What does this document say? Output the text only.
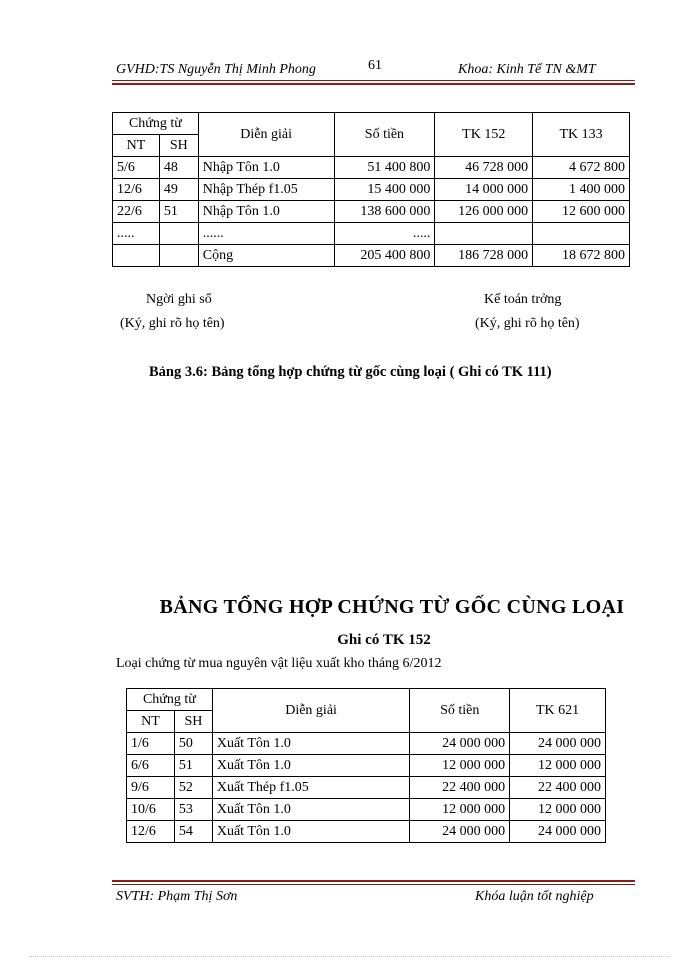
GVHD:TS Nguyễn Thị Minh Phong	61	Khoa: Kinh Tế TN &MT
Chứng từ		Diễn giải	Số tiền	TK 152	TK 133
NT	SH				
5/6	48	Nhập Tôn 1.0	51 400 800	46 728 000	4 672 800
12/6	49	Nhập Thép f1.05	15 400 000	14 000 000	1 400 000
22/6	51	Nhập Tôn 1.0	138 600 000	126 000 000	12 600 000
.....		......	.....		
		Cộng	205 400 800	186 728 000	18 672 800
Ngời ghi sổ
(Ký, ghi rõ họ tên)
Kế toán trởng
(Ký, ghi rõ họ tên)
Bảng 3.6: Bảng tổng hợp chứng từ gốc cùng loại ( Ghi có TK 111)
BẢNG TỔNG HỢP CHỨNG TỪ GỐC CÙNG LOẠI
Ghi có TK 152
Loại chứng từ mua nguyên vật liệu xuất kho tháng 6/2012
Chứng từ		Diễn giải	Số tiền	TK 621
NT	SH			
1/6	50	Xuất Tôn 1.0	24 000 000	24 000 000
6/6	51	Xuất Tôn 1.0	12 000 000	12 000 000
9/6	52	Xuất Thép f1.05	22 400 000	22 400 000
10/6	53	Xuất Tôn 1.0	12 000 000	12 000 000
12/6	54	Xuất Tôn 1.0	24 000 000	24 000 000
SVTH: Phạm Thị Sơn	Khóa luận tốt nghiệp
